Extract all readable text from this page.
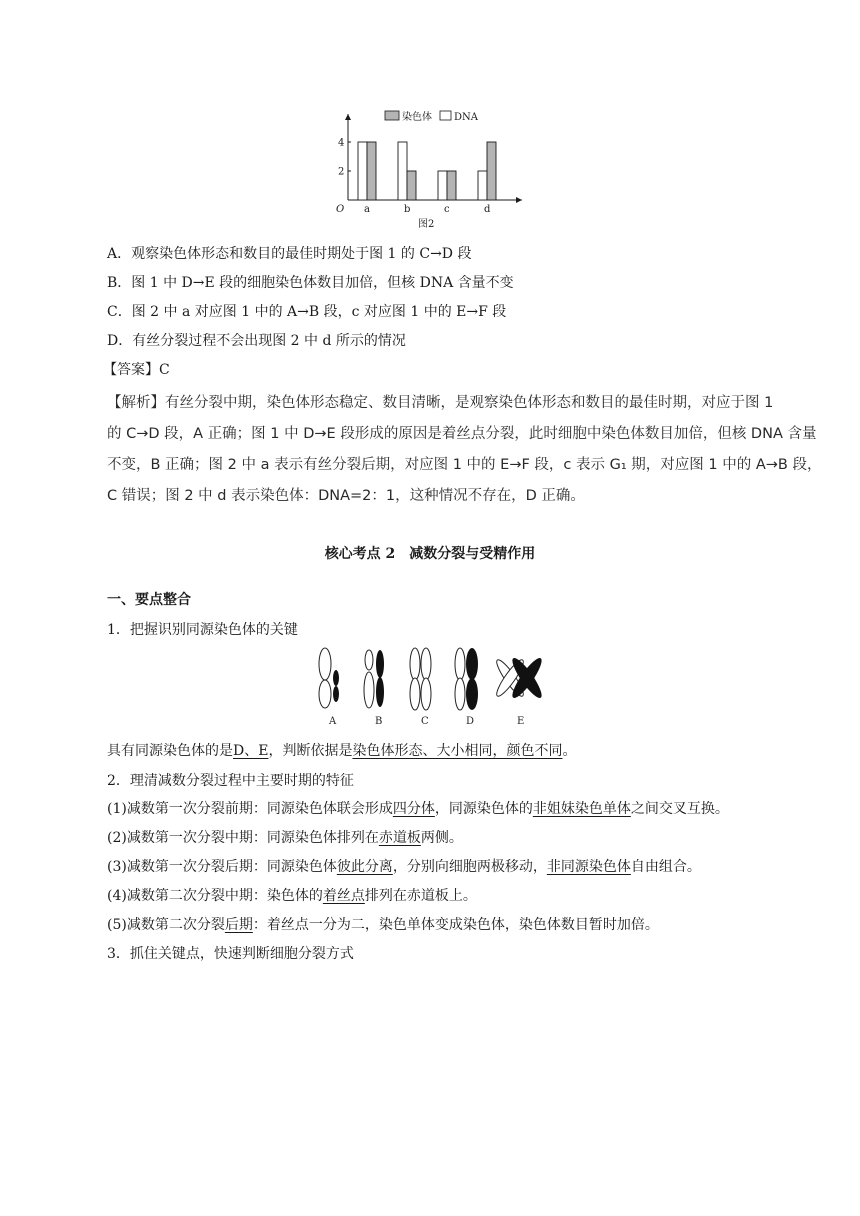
O
2
4
染色体 DNA
a	b	c	d
图2
A．观察染色体形态和数目的最佳时期处于图 1 的 C→D 段
B．图 1 中 D→E 段的细胞染色体数目加倍，但核 DNA 含量不变
C．图 2 中 a 对应图 1 中的 A→B 段，c 对应图 1 中的 E→F 段
D．有丝分裂过程不会出现图 2 中 d 所示的情况
【答案】C
【解析】有丝分裂中期，染色体形态稳定、数目清晰，是观察染色体形态和数目的最佳时期，对应于图 1
的 C→D 段，A 正确；图 1 中 D→E 段形成的原因是着丝点分裂，此时细胞中染色体数目加倍，但核 DNA 含量
不变，B 正确；图 2 中 a 表示有丝分裂后期，对应图 1 中的 E→F 段，c 表示 G₁ 期，对应图 1 中的 A→B 段，
C 错误；图 2 中 d 表示染色体：DNA=2：1，这种情况不存在，D 正确。
核心考点 2　减数分裂与受精作用
一、要点整合
1．把握识别同源染色体的关键
A	B	C	D	E
具有同源染色体的是D、E，判断依据是染色体形态、大小相同，颜色不同。
2．理清减数分裂过程中主要时期的特征
(1)减数第一次分裂前期：同源染色体联会形成四分体，同源染色体的非姐妹染色单体之间交叉互换。
(2)减数第一次分裂中期：同源染色体排列在赤道板两侧。
(3)减数第一次分裂后期：同源染色体彼此分离，分别向细胞两极移动，非同源染色体自由组合。
(4)减数第二次分裂中期：染色体的着丝点排列在赤道板上。
(5)减数第二次分裂后期：着丝点一分为二，染色单体变成染色体，染色体数目暂时加倍。
3．抓住关键点，快速判断细胞分裂方式
